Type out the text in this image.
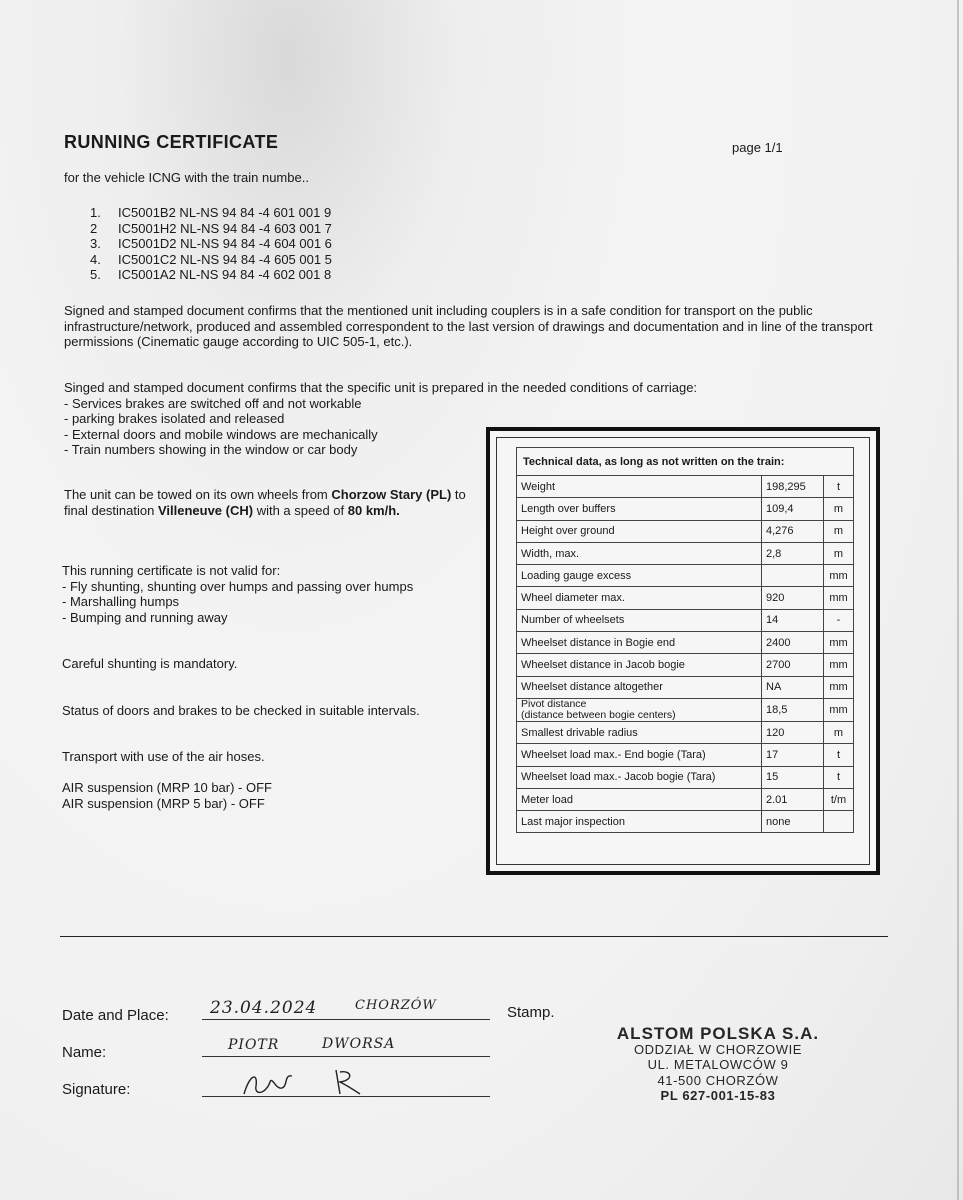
RUNNING CERTIFICATE	page 1/1
for the vehicle ICNG with the train numbe..
1. IC5001B2 NL-NS 94 84 -4 601 001 9
2 IC5001H2 NL-NS 94 84 -4 603 001 7
3. IC5001D2 NL-NS 94 84 -4 604 001 6
4. IC5001C2 NL-NS 94 84 -4 605 001 5
5. IC5001A2 NL-NS 94 84 -4 602 001 8
Signed and stamped document confirms that the mentioned unit including couplers is in a safe condition for transport on the public infrastructure/network, produced and assembled correspondent to the last version of drawings and documentation and in line of the transport permissions (Cinematic gauge according to UIC 505-1, etc.).
Singed and stamped document confirms that the specific unit is prepared in the needed conditions of carriage:
- Services brakes are switched off and not workable
- parking brakes isolated and released
- External doors and mobile windows are mechanically
- Train numbers showing in the window or car body
The unit can be towed on its own wheels from Chorzow Stary (PL) to final destination Villeneuve (CH) with a speed of 80 km/h.
This running certificate is not valid for:
- Fly shunting, shunting over humps and passing over humps
- Marshalling humps
- Bumping and running away
Careful shunting is mandatory.
Status of doors and brakes to be checked in suitable intervals.
Transport with use of the air hoses.
AIR suspension (MRP 10 bar) - OFF
AIR suspension (MRP 5 bar) - OFF
Technical data, as long as not written on the train:		
Weight	198,295	t
Length over buffers	109,4	m
Height over ground	4,276	m
Width, max.	2,8	m
Loading gauge excess		mm
Wheel diameter max.	920	mm
Number of wheelsets	14	-
Wheelset distance in Bogie end	2400	mm
Wheelset distance in Jacob bogie	2700	mm
Wheelset distance altogether	NA	mm

Pivot distance
(distance between bogie centers)	18,5	mm
Smallest drivable radius	120	m
Wheelset load max.- End bogie (Tara)	17	t
Wheelset load max.- Jacob bogie (Tara)	15	t
Meter load	2.01	t/m
Last major inspection	none	
Date and Place: 23.04.2024	CHORZÓW
Name:	PIOTR	DWORSA
Signature:
Stamp.
ALSTOM POLSKA S.A.
ODDZIAŁ W CHORZOWIE
UL. METALOWCÓW 9
41-500 CHORZÓW
PL 627-001-15-83
